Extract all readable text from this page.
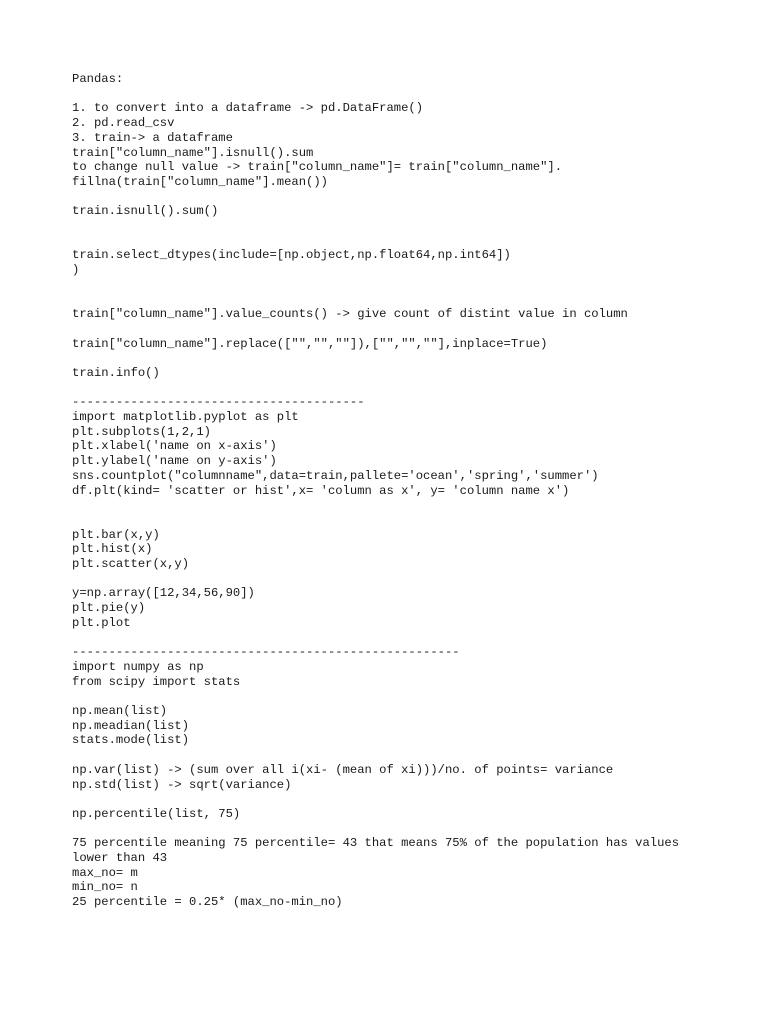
Pandas:
1. to convert into a dataframe -> pd.DataFrame()
2. pd.read_csv
3. train-> a dataframe
train["column_name"].isnull().sum
to change null value -> train["column_name"]= train["column_name"].
fillna(train["column_name"].mean())
train.isnull().sum()
train.select_dtypes(include=[np.object,np.float64,np.int64])
)
train["column_name"].value_counts() -> give count of distint value in column
train["column_name"].replace(["","",""]),["","",""],inplace=True)
train.info()
----------------------------------------
import matplotlib.pyplot as plt
plt.subplots(1,2,1)
plt.xlabel('name on x-axis')
plt.ylabel('name on y-axis')
sns.countplot("columnname",data=train,pallete='ocean','spring','summer')
df.plt(kind= 'scatter or hist',x= 'column as x', y= 'column name x')
plt.bar(x,y)
plt.hist(x)
plt.scatter(x,y)
y=np.array([12,34,56,90])
plt.pie(y)
plt.plot
-----------------------------------------------------
import numpy as np
from scipy import stats
np.mean(list)
np.meadian(list)
stats.mode(list)
np.var(list) -> (sum over all i(xi- (mean of xi)))/no. of points= variance
np.std(list) -> sqrt(variance)
np.percentile(list, 75)
75 percentile meaning 75 percentile= 43 that means 75% of the population has values
lower than 43
max_no= m
min_no= n
25 percentile = 0.25* (max_no-min_no)
